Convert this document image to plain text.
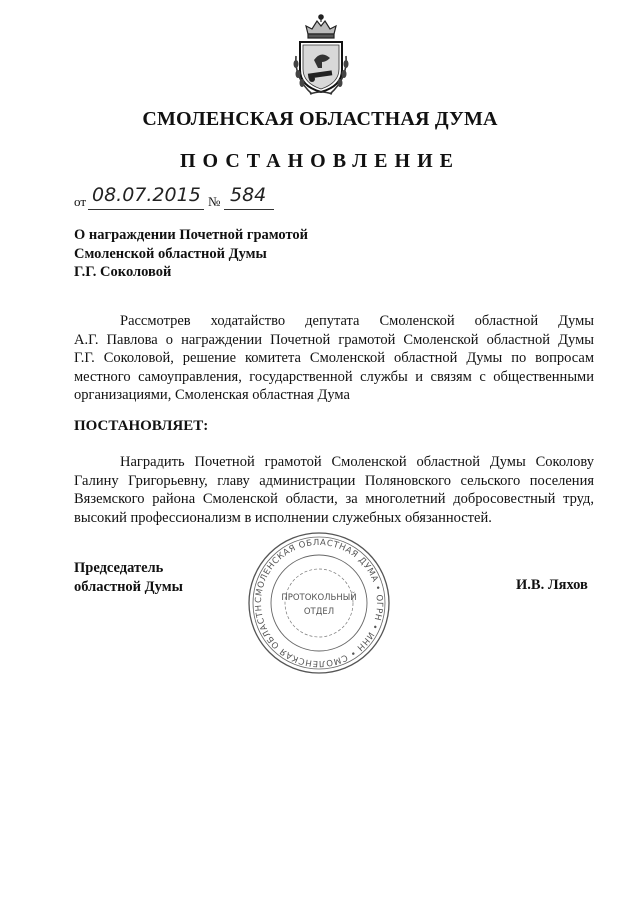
СМОЛЕНСКАЯ ОБЛАСТНАЯ ДУМА
ПОСТАНОВЛЕНИЕ
от 08.07.2015 № 584
О награждении Почетной грамотой
Смоленской областной Думы
Г.Г. Соколовой
Рассмотрев ходатайство депутата Смоленской областной Думы
А.Г. Павлова о награждении Почетной грамотой Смоленской областной Думы
Г.Г. Соколовой, решение комитета Смоленской областной Думы по вопросам
местного самоуправления, государственной службы и связям с общественными
организациями, Смоленская областная Дума
ПОСТАНОВЛЯЕТ:
Наградить Почетной грамотой Смоленской областной Думы Соколову
Галину Григорьевну, главу администрации Поляновского сельского поселения
Вяземского района Смоленской области, за многолетний добросовестный труд,
высокий профессионализм в исполнении служебных обязанностей.
Председатель
областной Думы	И.В. Ляхов
СМОЛЕНСКАЯ ОБЛАСТНАЯ ДУМА • ОГРН • ИНН • СМОЛЕНСКАЯ ОБЛАСТН
ПРОТОКОЛЬНЫЙ
ОТДЕЛ
